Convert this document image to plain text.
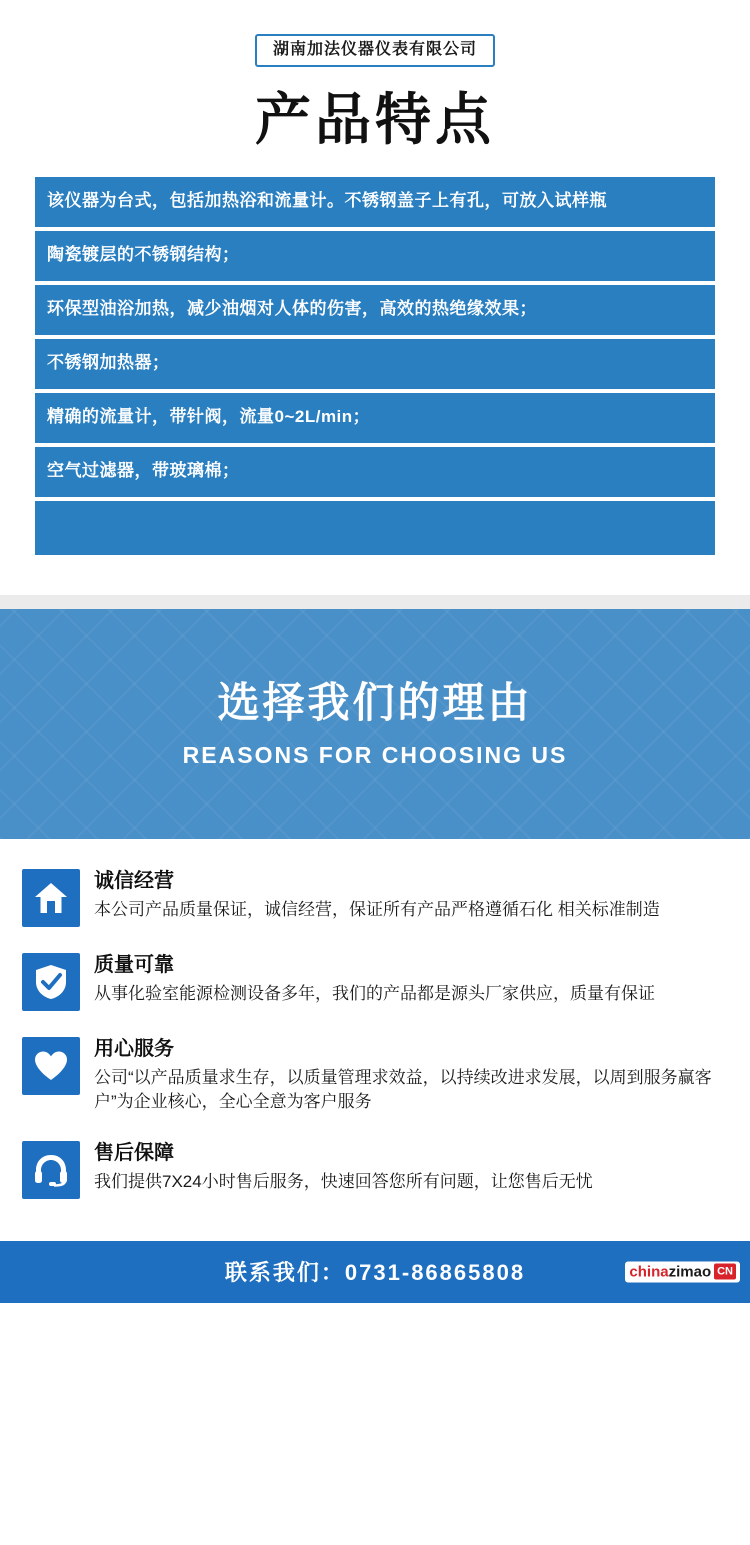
湖南加法仪器仪表有限公司
产品特点
该仪器为台式，包括加热浴和流量计。不锈钢盖子上有孔，可放入试样瓶
陶瓷镀层的不锈钢结构；
环保型油浴加热，减少油烟对人体的伤害，高效的热绝缘效果；
不锈钢加热器；
精确的流量计，带针阀，流量0~2L/min；
空气过滤器，带玻璃棉；
选择我们的理由
REASONS FOR CHOOSING US
诚信经营
本公司产品质量保证，诚信经营，保证所有产品严格遵循石化 相关标准制造
质量可靠
从事化验室能源检测设备多年，我们的产品都是源头厂家供应，质量有保证
用心服务
公司“以产品质量求生存，以质量管理求效益，以持续改进求发展，以周到服务赢客户”为企业核心，全心全意为客户服务
售后保障
我们提供7X24小时售后服务，快速回答您所有问题，让您售后无忧
联系我们：0731-86865808	china zimao CN
